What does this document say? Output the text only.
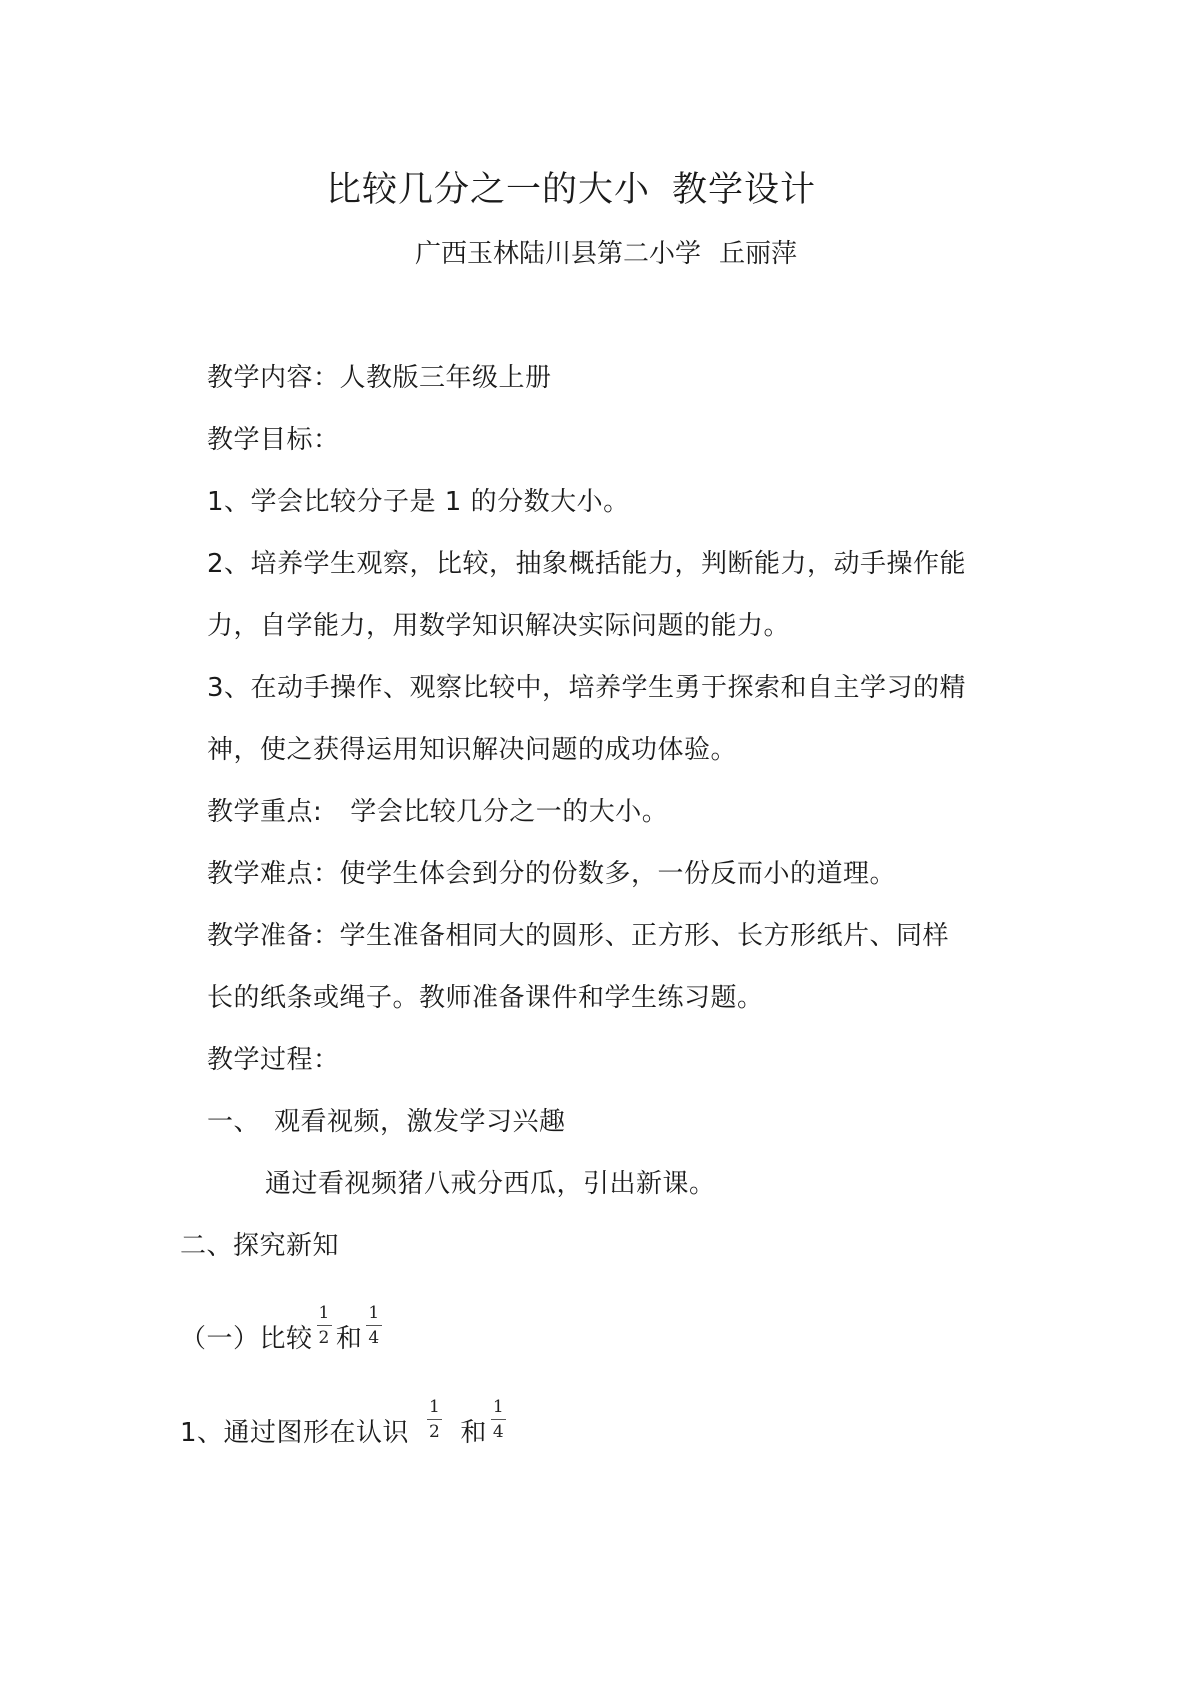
比较几分之一的大小 教学设计
广西玉林陆川县第二小学 丘丽萍
教学内容：人教版三年级上册
教学目标：
1、学会比较分子是 1 的分数大小。
2、培养学生观察，比较，抽象概括能力，判断能力，动手操作能
力，自学能力，用数学知识解决实际问题的能力。
3、在动手操作、观察比较中，培养学生勇于探索和自主学习的精
神，使之获得运用知识解决问题的成功体验。
教学重点: 学会比较几分之一的大小。
教学难点：使学生体会到分的份数多，一份反而小的道理。
教学准备：学生准备相同大的圆形、正方形、长方形纸片、同样
长的纸条或绳子。教师准备课件和学生练习题。
教学过程：
一、 观看视频，激发学习兴趣
通过看视频猪八戒分西瓜，引出新课。
二、探究新知
（一）比较 $\frac{1}{2}$ 和 $\frac{1}{4}$
1、通过图形在认识 $\frac{1}{2}$ 和 $\frac{1}{4}$
